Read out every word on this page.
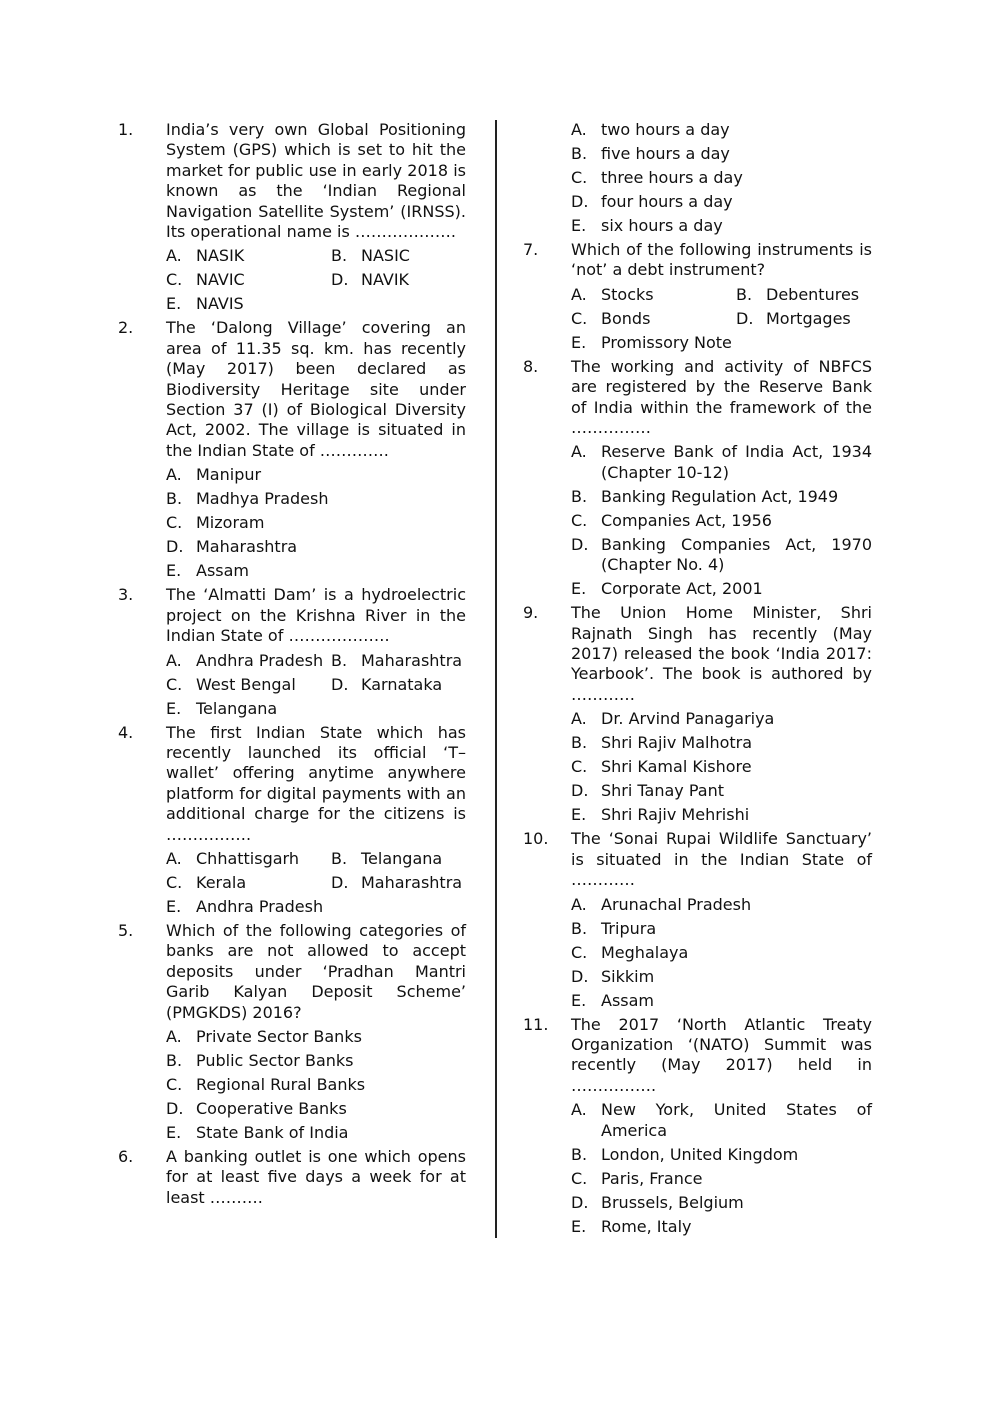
1. India’s very own Global Positioning System (GPS) which is set to hit the market for public use in early 2018 is known as the ‘Indian Regional Navigation Satellite System’ (IRNSS). Its operational name is ……………….

A. NASIK	B. NASIC
C. NAVIC	D. NAVIK
E. NAVIS
2. The ‘Dalong Village’ covering an area of 11.35 sq. km. has recently (May 2017) been declared as Biodiversity Heritage site under Section 37 (I) of Biological Diversity Act, 2002. The village is situated in the Indian State of ………….

A. Manipur
B. Madhya Pradesh
C. Mizoram
D. Maharashtra
E. Assam
3. The ‘Almatti Dam’ is a hydroelectric project on the Krishna River in the Indian State of ……………….

A. Andhra Pradesh B. Maharashtra
C. West Bengal	D. Karnataka
E. Telangana
4. The first Indian State which has recently launched its official ‘T–wallet’ offering anytime anywhere platform for digital payments with an additional charge for the citizens is …………….

A. Chhattisgarh	B. Telangana
C. Kerala	D. Maharashtra
E. Andhra Pradesh
5. Which of the following categories of banks are not allowed to accept deposits under ‘Pradhan Mantri Garib Kalyan Deposit Scheme’ (PMGKDS) 2016?

A. Private Sector Banks
B. Public Sector Banks
C. Regional Rural Banks
D. Cooperative Banks
E. State Bank of India
6. A banking outlet is one which opens for at least five days a week for at least ……….

A. two hours a day
B. five hours a day
C. three hours a day
D. four hours a day
E. six hours a day
7. Which of the following instruments is ‘not’ a debt instrument?

A. Stocks	B. Debentures
C. Bonds	D. Mortgages
E. Promissory Note
8. The working and activity of NBFCS are registered by the Reserve Bank of India within the framework of the ……………

A. Reserve Bank of India Act, 1934 (Chapter 10-12)
B. Banking Regulation Act, 1949
C. Companies Act, 1956
D. Banking Companies Act, 1970 (Chapter No. 4)
E. Corporate Act, 2001
9. The Union Home Minister, Shri Rajnath Singh has recently (May 2017) released the book ‘India 2017: Yearbook’. The book is authored by …………

A. Dr. Arvind Panagariya
B. Shri Rajiv Malhotra
C. Shri Kamal Kishore
D. Shri Tanay Pant
E. Shri Rajiv Mehrishi
10. The ‘Sonai Rupai Wildlife Sanctuary’ is situated in the Indian State of …………

A. Arunachal Pradesh
B. Tripura
C. Meghalaya
D. Sikkim
E. Assam
11. The 2017 ‘North Atlantic Treaty Organization ‘(NATO) Summit was recently (May 2017) held in …………….

A. New York, United States of America
B. London, United Kingdom
C. Paris, France
D. Brussels, Belgium
E. Rome, Italy
